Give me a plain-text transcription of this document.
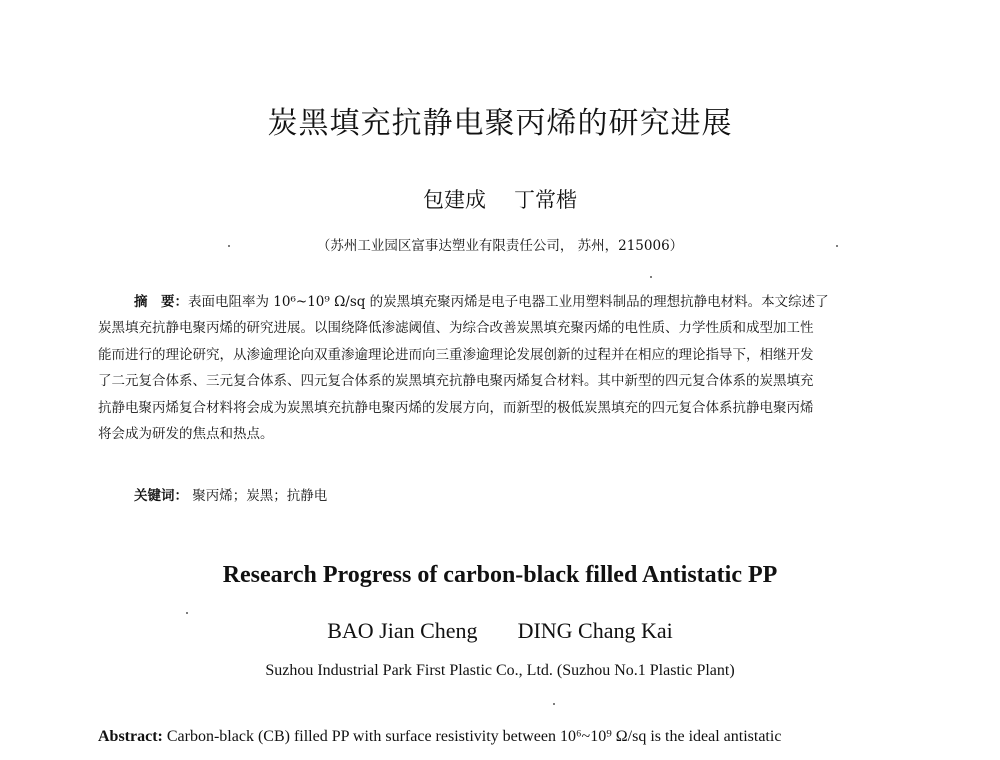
炭黑填充抗静电聚丙烯的研究进展
包建成 丁常楷
（苏州工业园区富事达塑业有限责任公司， 苏州，215006）
摘　要：表面电阻率为 10⁶~10⁹ Ω/sq 的炭黑填充聚丙烯是电子电器工业用塑料制品的理想抗静电材料。本文综述了
炭黑填充抗静电聚丙烯的研究进展。以围绕降低渗滤阈值、为综合改善炭黑填充聚丙烯的电性质、力学性质和成型加工性
能而进行的理论研究，从渗逾理论向双重渗逾理论进而向三重渗逾理论发展创新的过程并在相应的理论指导下，相继开发
了二元复合体系、三元复合体系、四元复合体系的炭黑填充抗静电聚丙烯复合材料。其中新型的四元复合体系的炭黑填充
抗静电聚丙烯复合材料将会成为炭黑填充抗静电聚丙烯的发展方向，而新型的极低炭黑填充的四元复合体系抗静电聚丙烯
将会成为研发的焦点和热点。
关键词： 聚丙烯；炭黑；抗静电
Research Progress of carbon-black filled Antistatic PP
BAO Jian Cheng DING Chang Kai
Suzhou Industrial Park First Plastic Co., Ltd. (Suzhou No.1 Plastic Plant)
Abstract: Carbon-black (CB) filled PP with surface resistivity between 10⁶~10⁹ Ω/sq is the ideal antistatic
